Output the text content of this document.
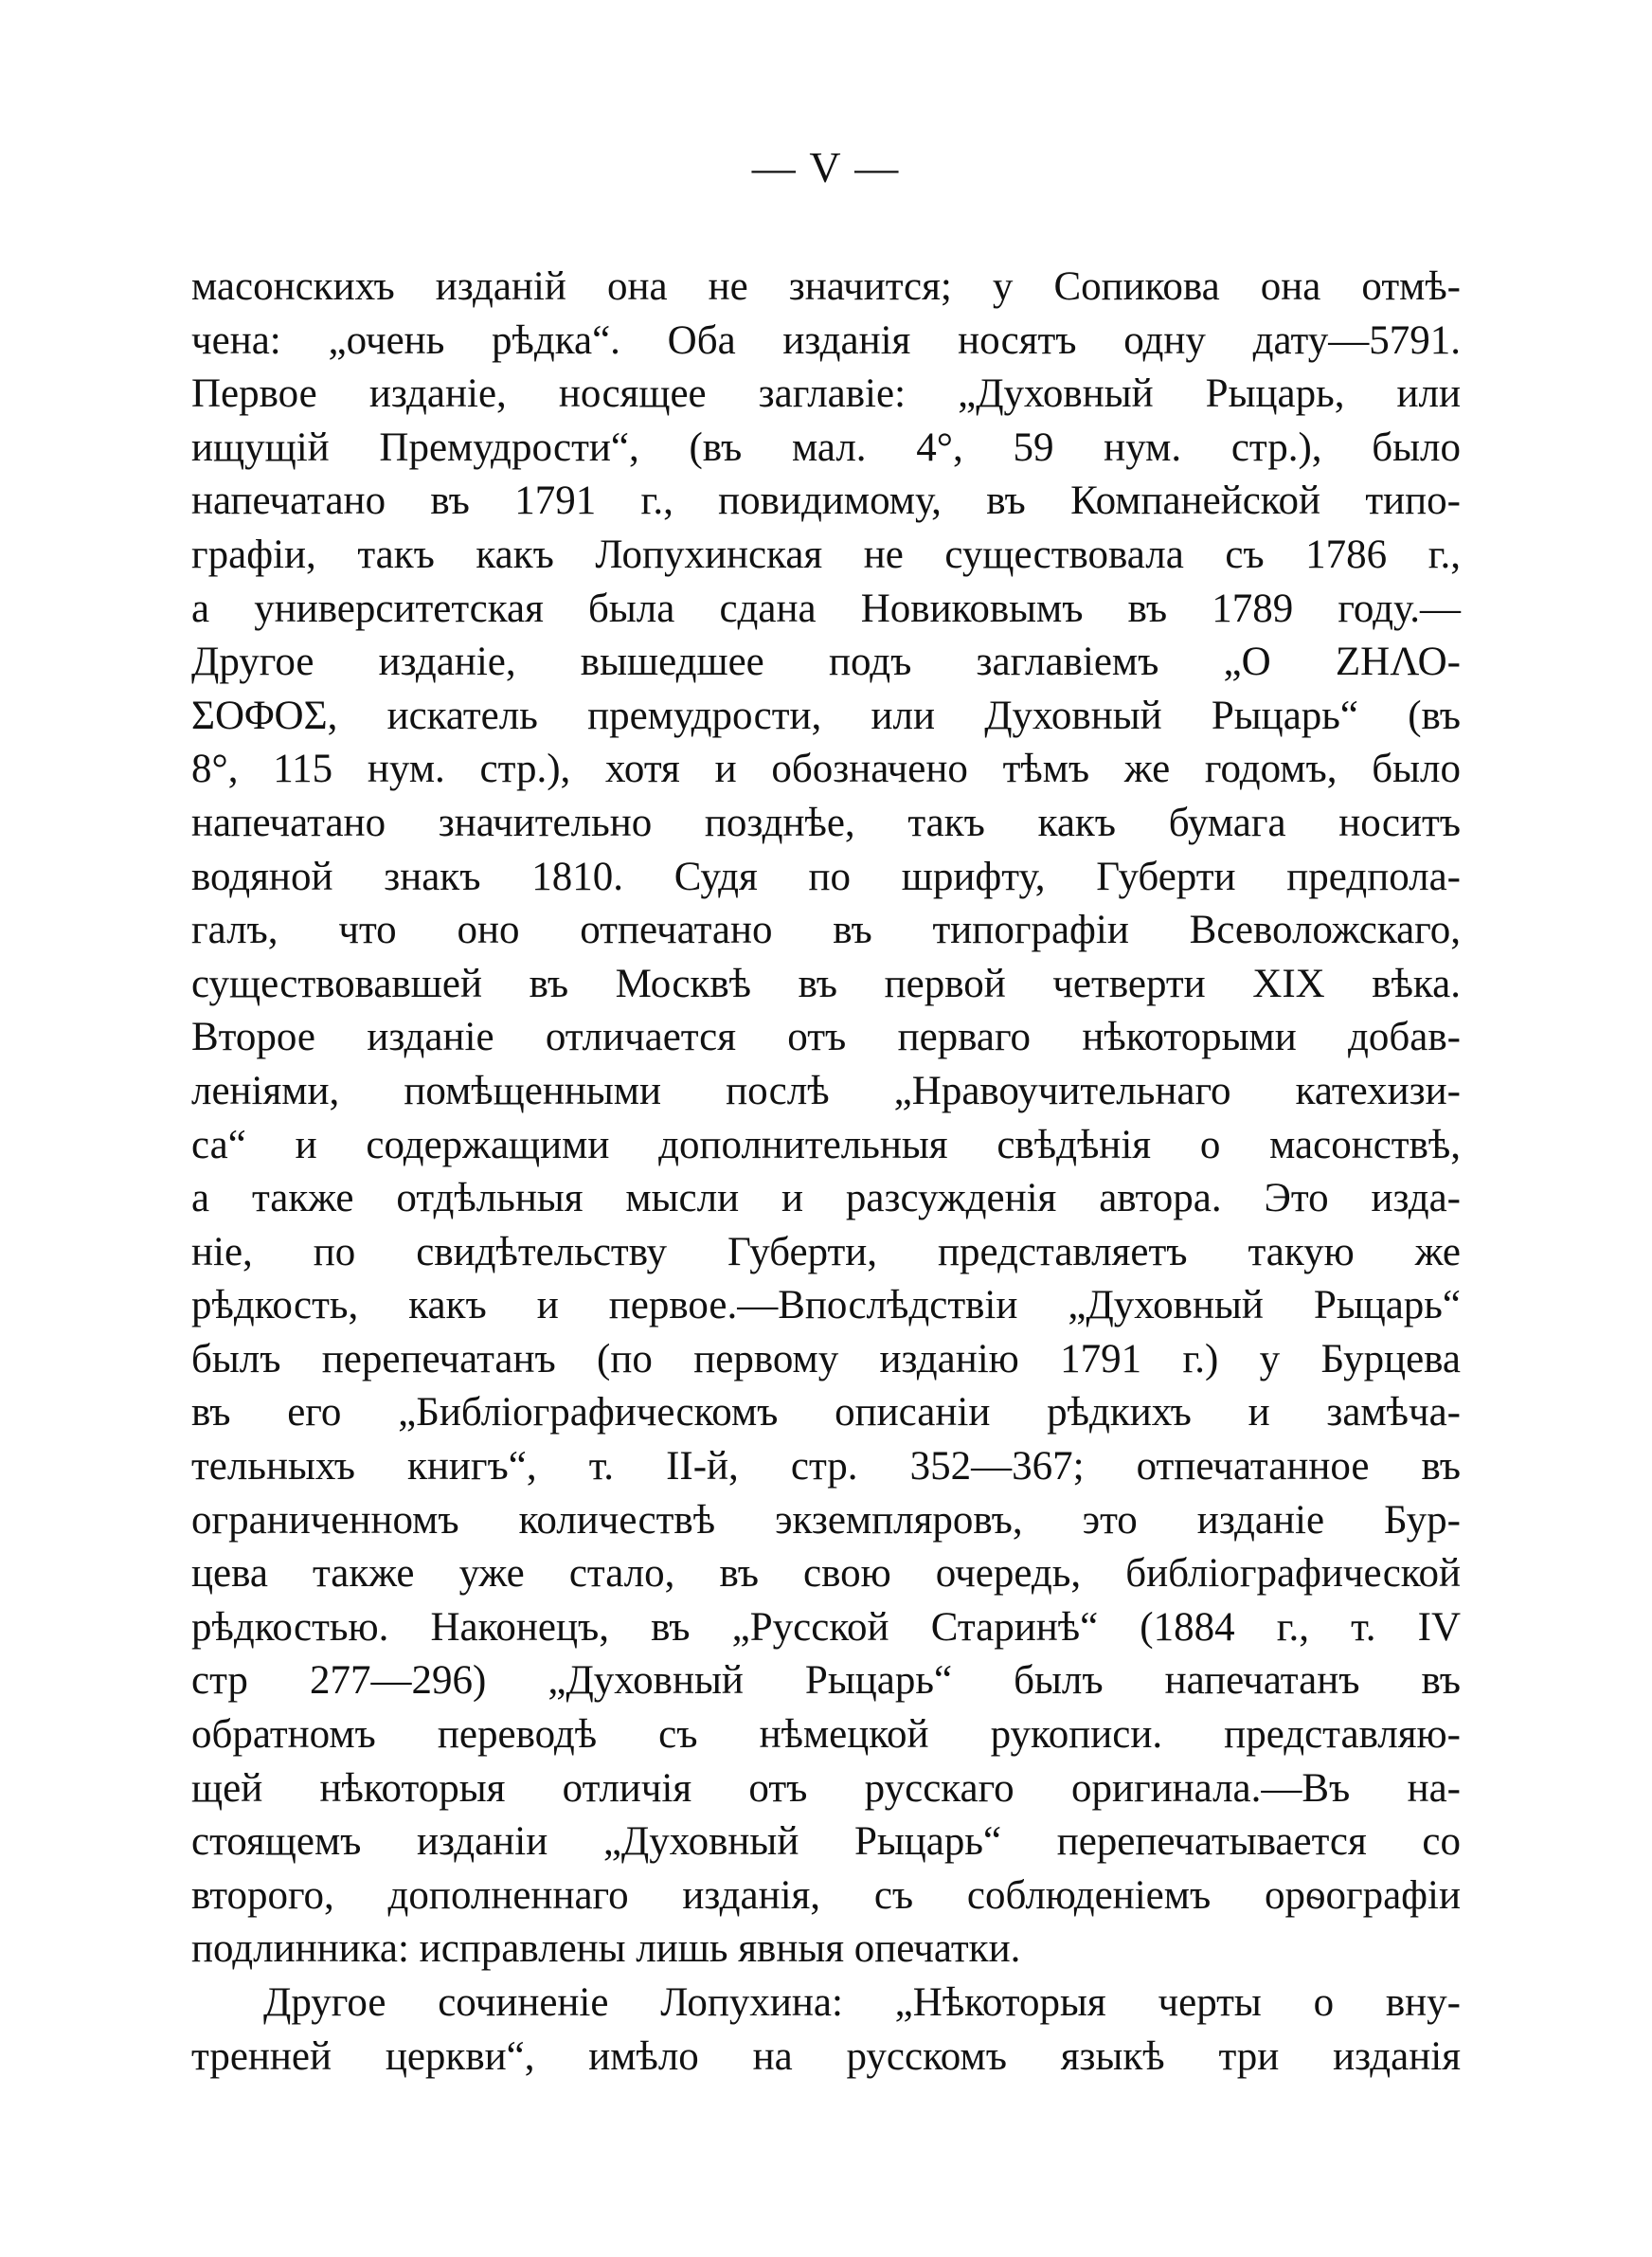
— V —
масонскихъ изданій она не значится; у Сопикова она отмѣ-
чена: „очень рѣдка“. Оба изданія носятъ одну дату—5791.
Первое изданіе, носящее заглавіе: „Духовный Рыцарь, или
ищущій Премудрости“, (въ мал. 4°, 59 нум. стр.), было
напечатано въ 1791 г., повидимому, въ Компанейской типо-
графіи, такъ какъ Лопухинская не существовала съ 1786 г.,
а университетская была сдана Новиковымъ въ 1789 году.—
Другое изданіе, вышедшее подъ заглавіемъ „О ΖΗΛΟ-
ΣΟΦΟΣ, искатель премудрости, или Духовный Рыцарь“ (въ
8°, 115 нум. стр.), хотя и обозначено тѣмъ же годомъ, было
напечатано значительно позднѣе, такъ какъ бумага носитъ
водяной знакъ 1810. Судя по шрифту, Губерти предпола-
галъ, что оно отпечатано въ типографіи Всеволожскаго,
существовавшей въ Москвѣ въ первой четверти XIX вѣка.
Второе изданіе отличается отъ перваго нѣкоторыми добав-
леніями, помѣщенными послѣ „Нравоучительнаго катехизи-
са“ и содержащими дополнительныя свѣдѣнія о масонствѣ,
а также отдѣльныя мысли и разсужденія автора. Это изда-
ніе, по свидѣтельству Губерти, представляетъ такую же
рѣдкость, какъ и первое.—Впослѣдствіи „Духовный Рыцарь“
былъ перепечатанъ (по первому изданію 1791 г.) у Бурцева
въ его „Библіографическомъ описаніи рѣдкихъ и замѣча-
тельныхъ книгъ“, т. II-й, стр. 352—367; отпечатанное въ
ограниченномъ количествѣ экземпляровъ, это изданіе Бур-
цева также уже стало, въ свою очередь, библіографической
рѣдкостью. Наконецъ, въ „Русской Старинѣ“ (1884 г., т. IV
стр 277—296) „Духовный Рыцарь“ былъ напечатанъ въ
обратномъ переводѣ съ нѣмецкой рукописи. представляю-
щей нѣкоторыя отличія отъ русскаго оригинала.—Въ на-
стоящемъ изданіи „Духовный Рыцарь“ перепечатывается со
второго, дополненнаго изданія, съ соблюденіемъ орѳографіи
подлинника: исправлены лишь явныя опечатки.
Другое сочиненіе Лопухина: „Нѣкоторыя черты о вну-
тренней церкви“, имѣло на русскомъ языкѣ три изданія
